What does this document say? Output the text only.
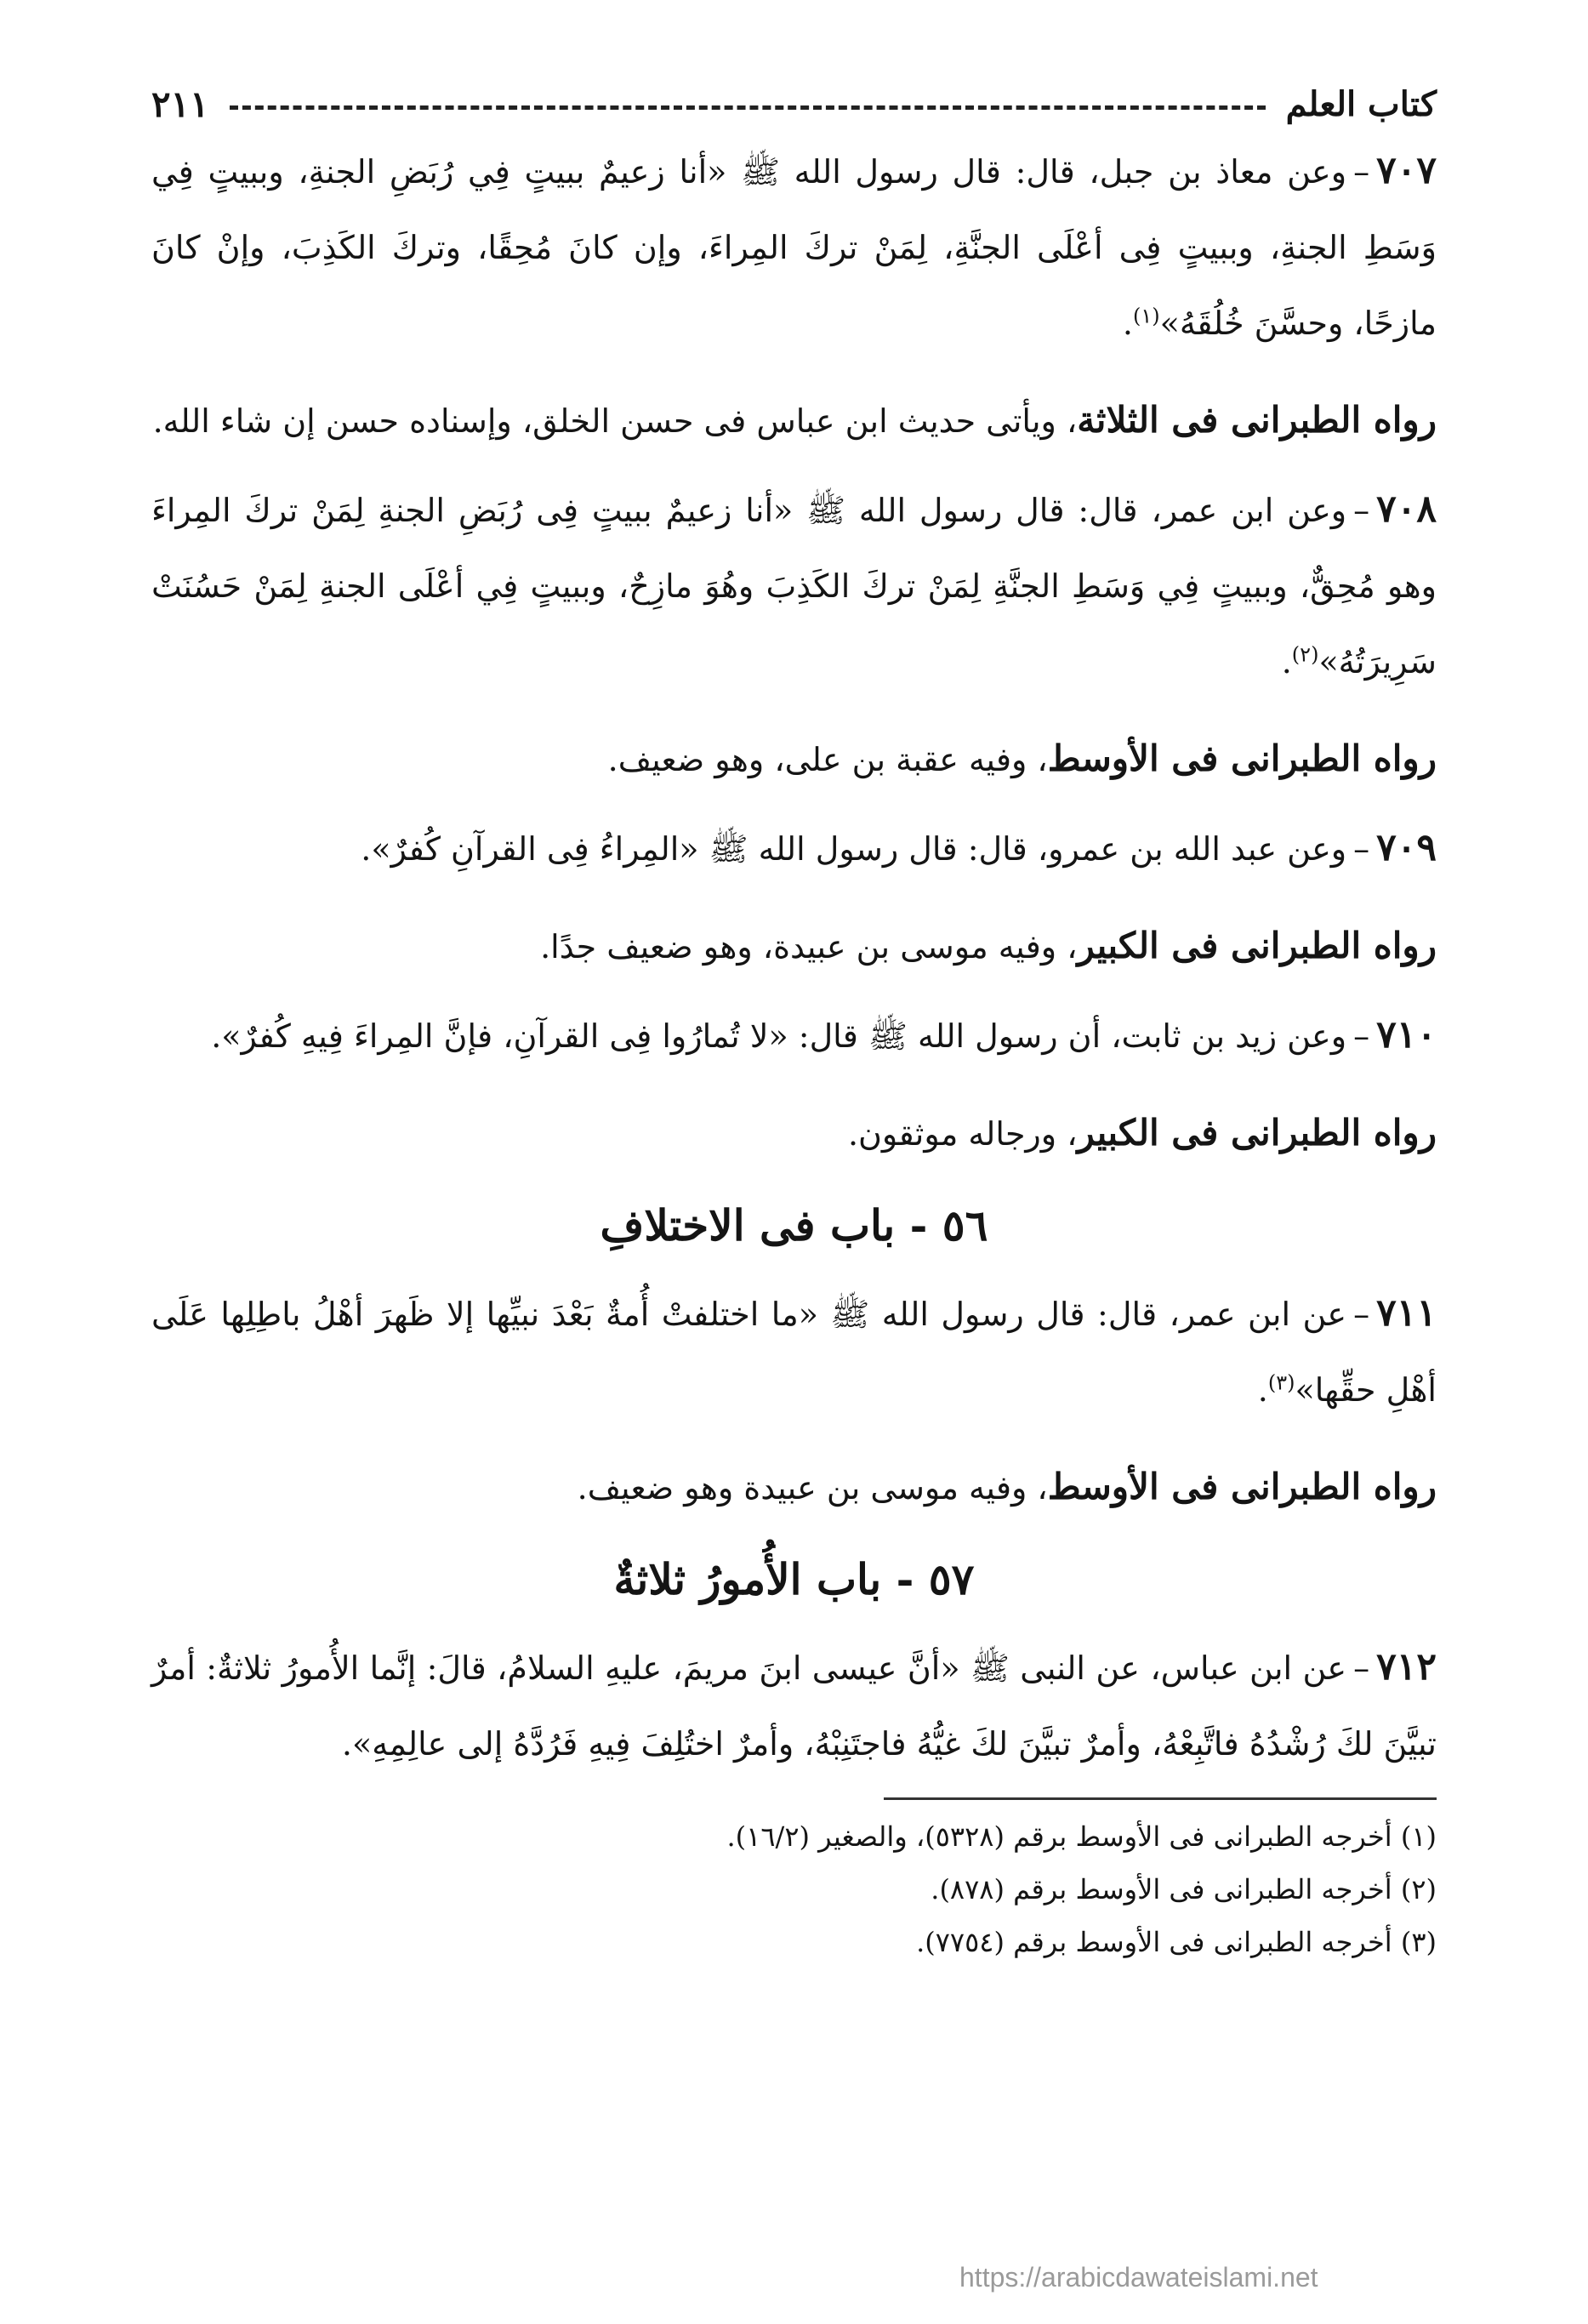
كتاب العلم
٢١١

٧٠٧–وعن معاذ بن جبل، قال: قال رسول الله ﷺ «أنا زعيمٌ ببيتٍ فِي رُبَضِ الجنةِ، وببيتٍ فِي وَسَطِ الجنةِ، وببيتٍ فِى أعْلَى الجنَّةِ، لِمَنْ تركَ المِراءَ، وإن كانَ مُحِقًا، وتركَ الكَذِبَ، وإنْ كانَ مازحًا، وحسَّنَ خُلُقَهُ»$^{(١)}$.

رواه الطبرانى فى الثلاثة، ويأتى حديث ابن عباس فى حسن الخلق، وإسناده حسن إن شاء الله.

٧٠٨–وعن ابن عمر، قال: قال رسول الله ﷺ «أنا زعيمٌ ببيتٍ فِى رُبَضِ الجنةِ لِمَنْ تركَ المِراءَ وهو مُحِقٌّ، وببيتٍ فِي وَسَطِ الجنَّةِ لِمَنْ تركَ الكَذِبَ وهُوَ مازِحٌ، وببيتٍ فِي أعْلَى الجنةِ لِمَنْ حَسُنَتْ سَرِيرَتُهُ»$^{(٢)}$.

رواه الطبرانى فى الأوسط، وفيه عقبة بن على، وهو ضعيف.

٧٠٩–وعن عبد الله بن عمرو، قال: قال رسول الله ﷺ «المِراءُ فِى القرآنِ كُفرٌ».

رواه الطبرانى فى الكبير، وفيه موسى بن عبيدة، وهو ضعيف جدًا.

٧١٠–وعن زيد بن ثابت، أن رسول الله ﷺ قال: «لا تُمارُوا فِى القرآنِ، فإنَّ المِراءَ فِيهِ كُفرٌ».

رواه الطبرانى فى الكبير، ورجاله موثقون.

٥٦ - باب فى الاختلافِ

٧١١–عن ابن عمر، قال: قال رسول الله ﷺ «ما اختلفتْ أُمةٌ بَعْدَ نبيِّها إلا ظَهرَ أهْلُ باطِلِها عَلَى أهْلِ حقِّها»$^{(٣)}$.

رواه الطبرانى فى الأوسط، وفيه موسى بن عبيدة وهو ضعيف.

٥٧ - باب الأُمورُ ثلاثةٌ

٧١٢–عن ابن عباس، عن النبى ﷺ «أنَّ عيسى ابنَ مريمَ، عليهِ السلامُ، قالَ: إنَّما الأُمورُ ثلاثةٌ: أمرٌ تبيَّنَ لكَ رُشْدُهُ فاتَّبِعْهُ، وأمرٌ تبيَّنَ لكَ غيُّهُ فاجتَنِبْهُ، وأمرٌ اختُلِفَ فِيهِ فَرُدَّهُ إلى عالِمِهِ».

(١) أخرجه الطبرانى فى الأوسط برقم (٥٣٢٨)، والصغير (١٦/٢).

(٢) أخرجه الطبرانى فى الأوسط برقم (٨٧٨).

(٣) أخرجه الطبرانى فى الأوسط برقم (٧٧٥٤).

https://arabicdawateislami.net
